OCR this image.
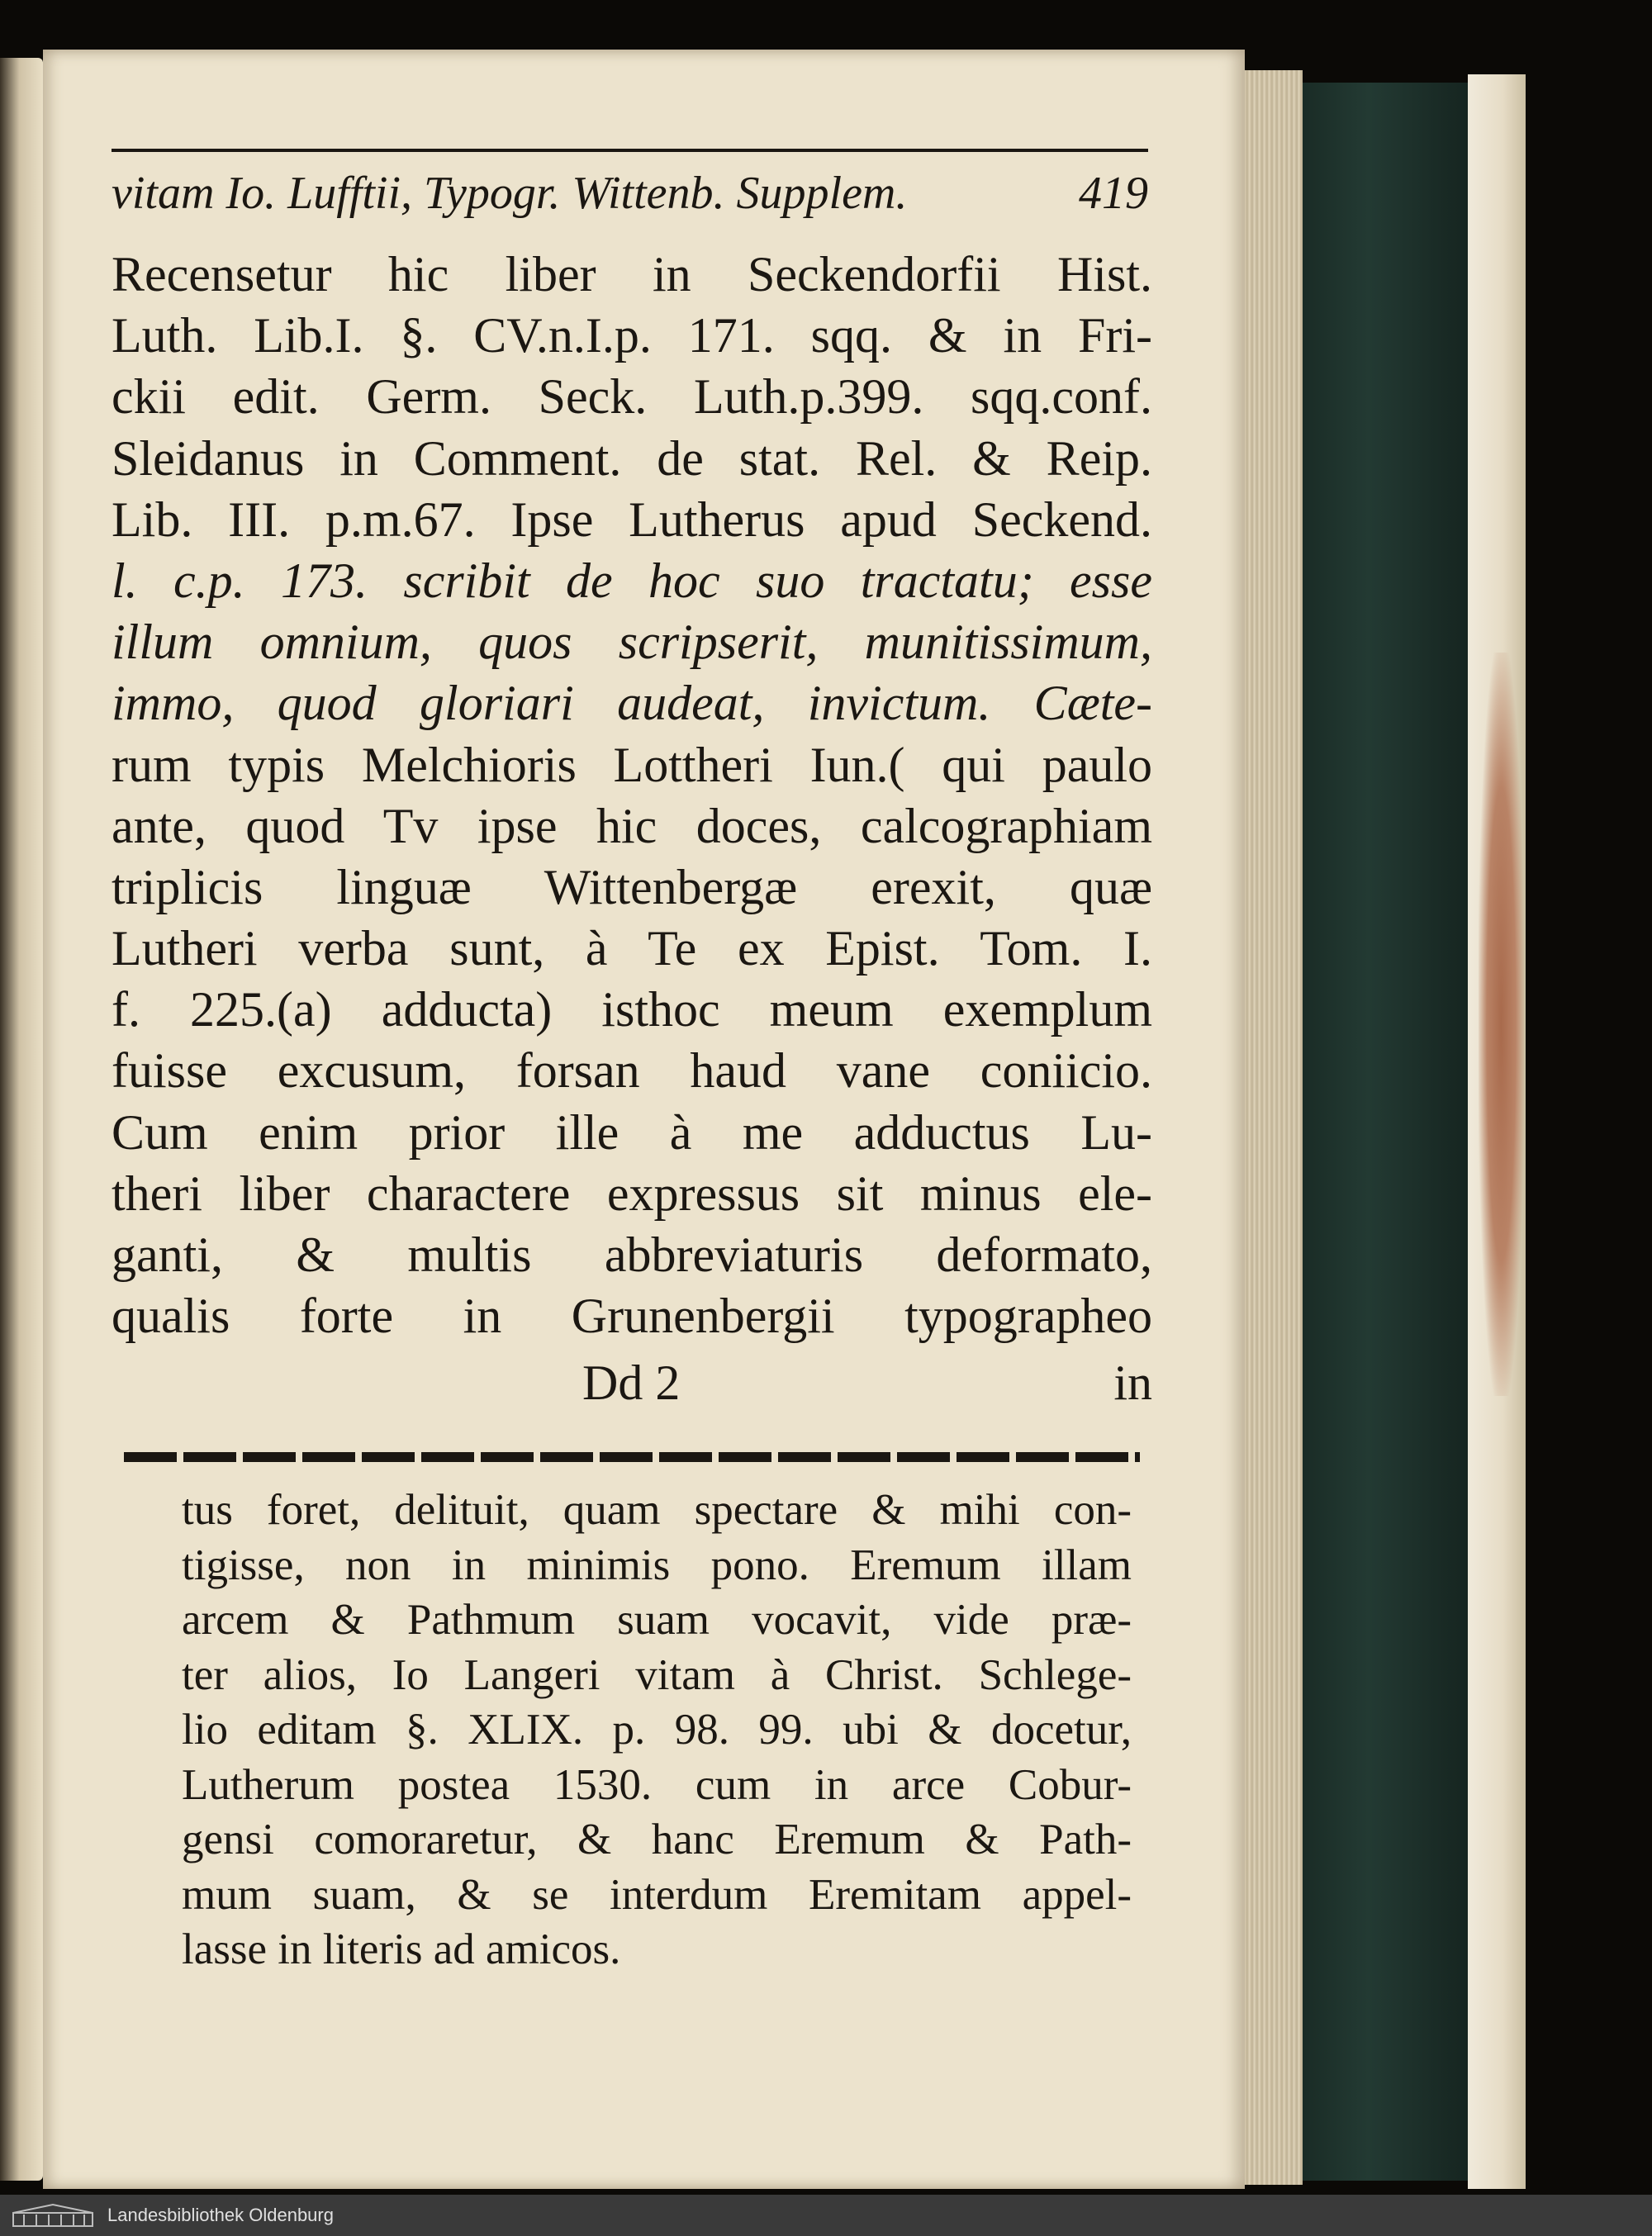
vitam Io. Lufftii, Typogr. Wittenb. Supplem.	419
Recensetur hic liber in Seckendorfii Hist.
Luth. Lib.I. §. CV.n.I.p. 171. sqq. & in Fri-
ckii edit. Germ. Seck. Luth.p.399. sqq.conf.
Sleidanus in Comment. de stat. Rel. & Reip.
Lib. III. p.m.67. Ipse Lutherus apud Seckend.
l. c.p. 173. scribit de hoc suo tractatu; esse
illum omnium, quos scripserit, munitissimum,
immo, quod gloriari audeat, invictum. Cæte-
rum typis Melchioris Lottheri Iun.( qui paulo
ante, quod Tv ipse hic doces, calcographiam
triplicis linguæ Wittenbergæ erexit, quæ
Lutheri verba sunt, à Te ex Epist. Tom. I.
f. 225.(a) adducta) isthoc meum exemplum
fuisse excusum, forsan haud vane coniicio.
Cum enim prior ille à me adductus Lu-
theri liber charactere expressus sit minus ele-
ganti, & multis abbreviaturis deformato,
qualis forte in Grunenbergii typographeo
Dd 2	in
tus foret, delituit, quam spectare & mihi con-
tigisse, non in minimis pono. Eremum illam
arcem & Pathmum suam vocavit, vide præ-
ter alios, Io Langeri vitam à Christ. Schlege-
lio editam §. XLIX. p. 98. 99. ubi & docetur,
Lutherum postea 1530. cum in arce Cobur-
gensi comoraretur, & hanc Eremum & Path-
mum suam, & se interdum Eremitam appel-
lasse in literis ad amicos.
Landesbibliothek Oldenburg
